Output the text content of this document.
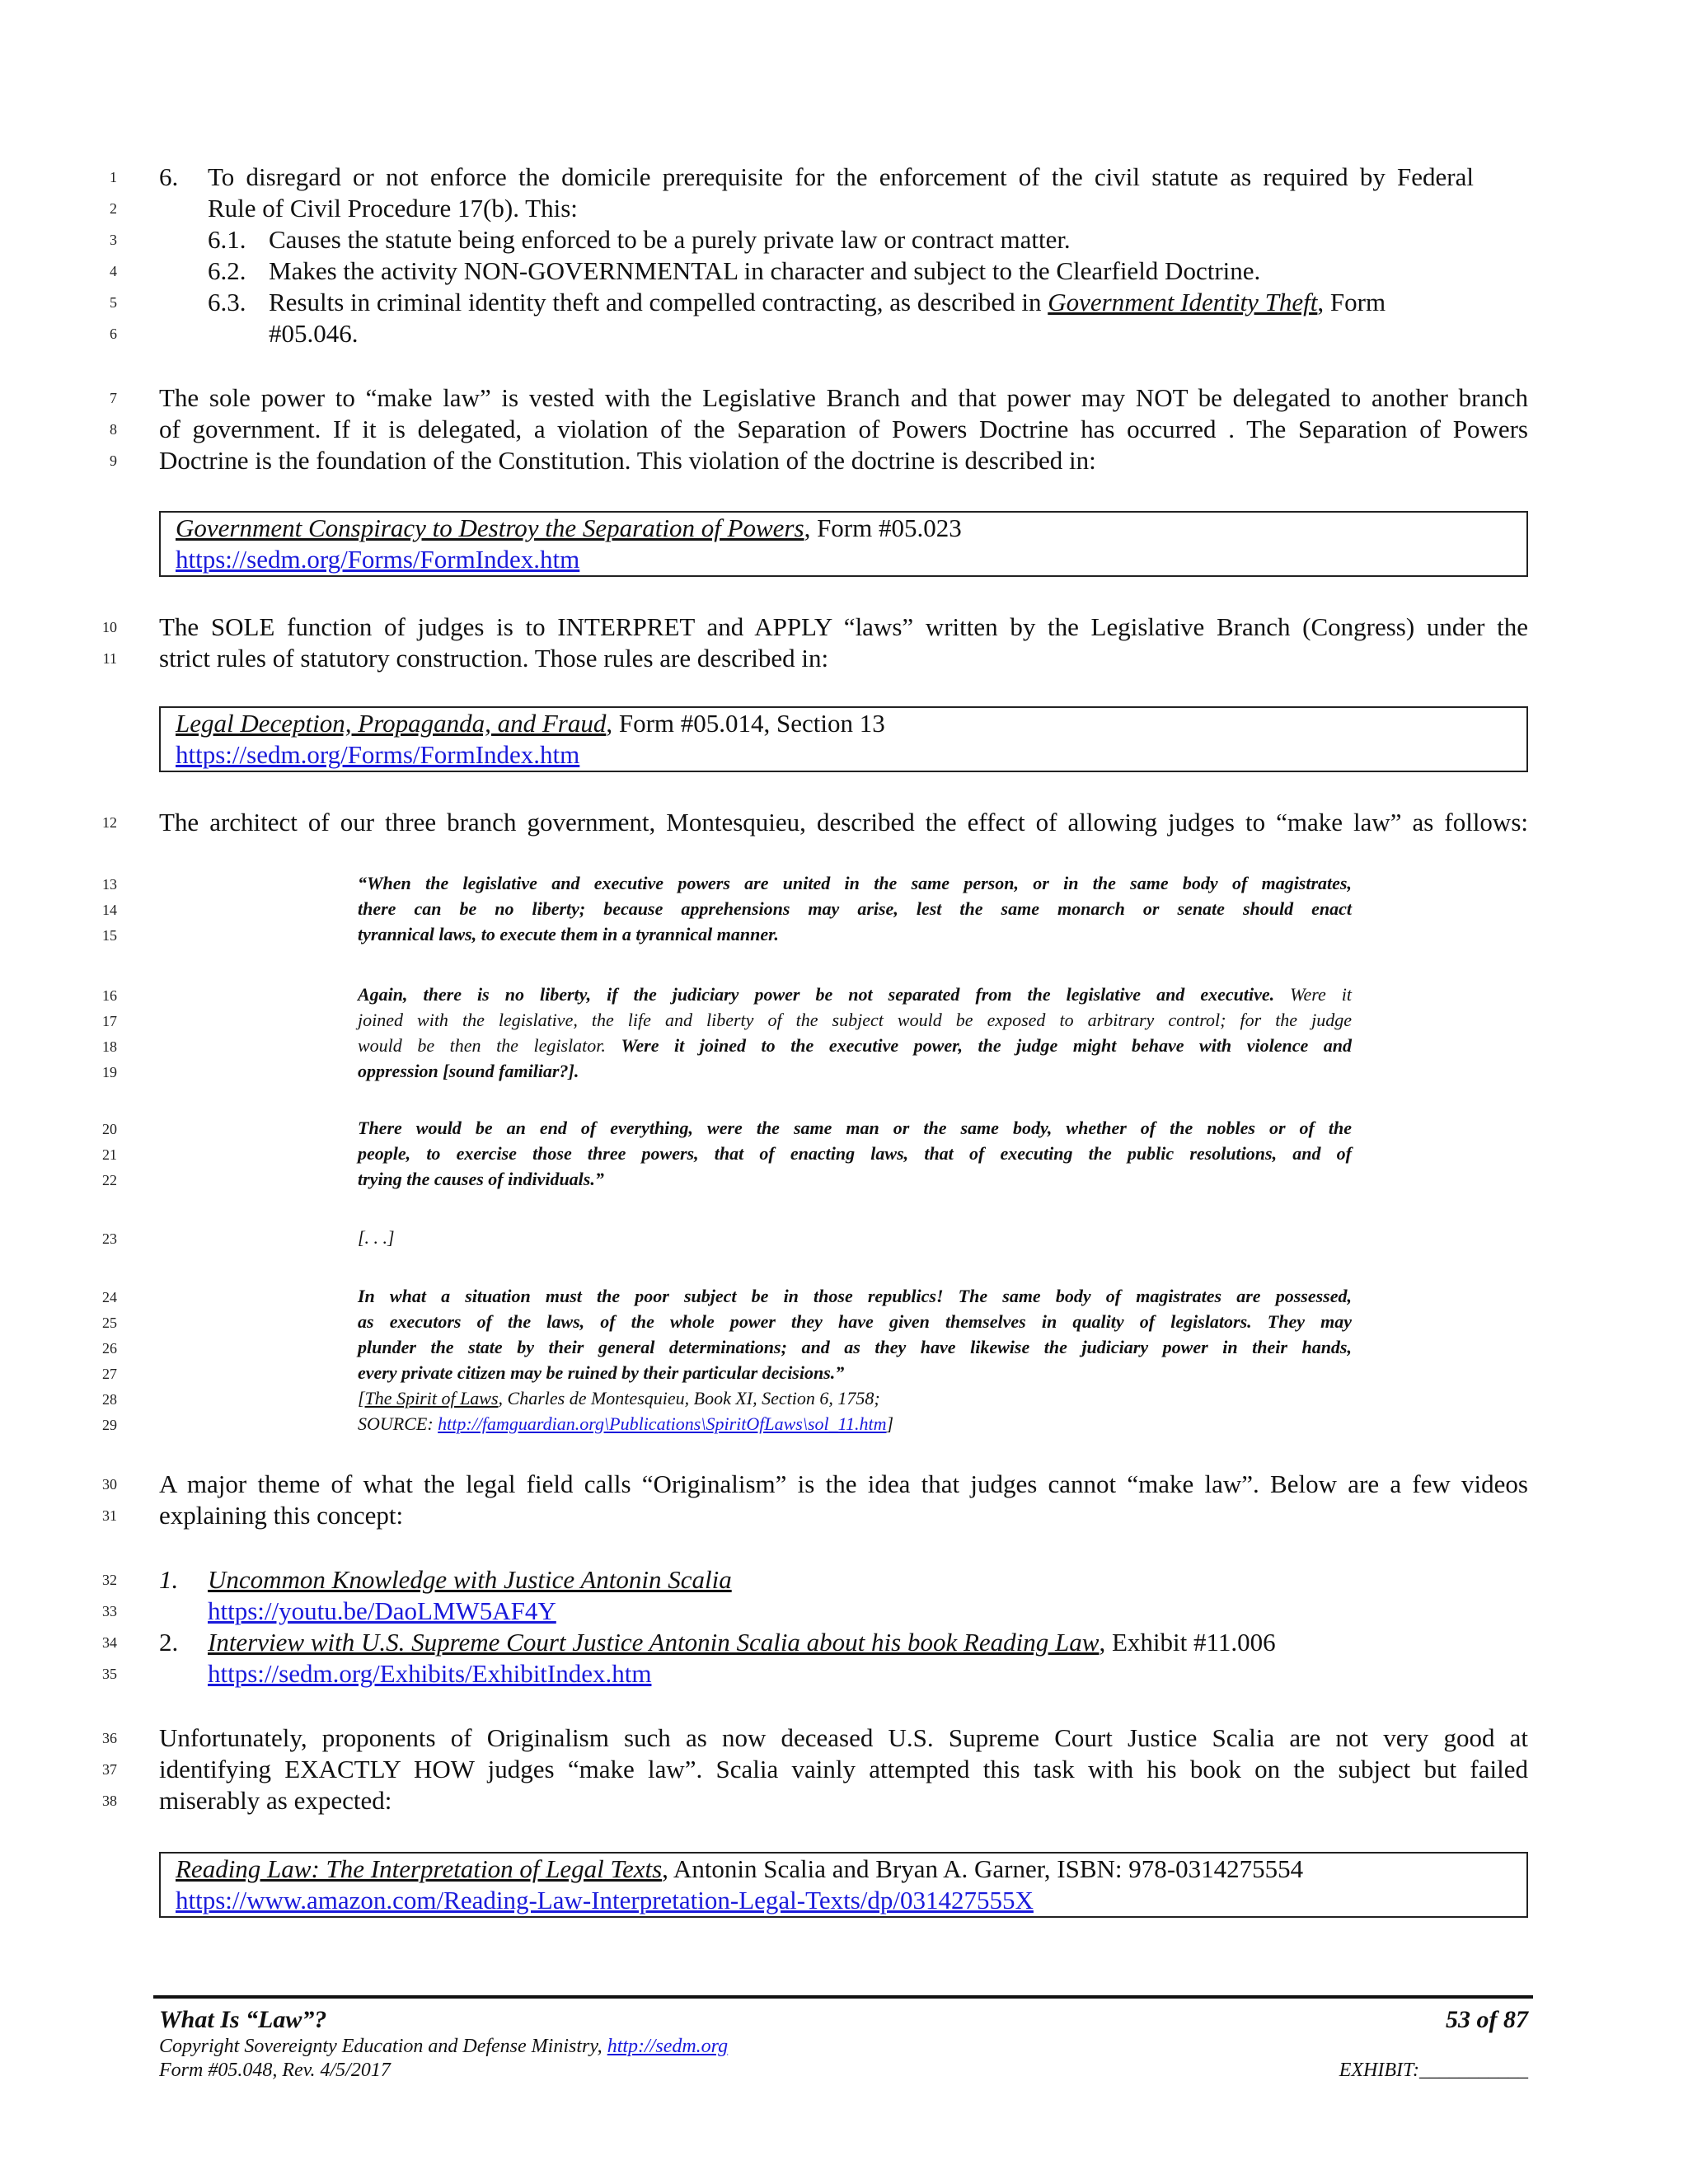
1
2
3
4
5
6
7
8
9
10
11
12
13
14
15
16
17
18
19
20
21
22
23
24
25
26
27
28
29
30
31
32
33
34
35
36
37
38
6. To disregard or not enforce the domicile prerequisite for the enforcement of the civil statute as required by Federal
Rule of Civil Procedure 17(b). This:
6.1. Causes the statute being enforced to be a purely private law or contract matter.
6.2. Makes the activity NON-GOVERNMENTAL in character and subject to the Clearfield Doctrine.
6.3. Results in criminal identity theft and compelled contracting, as described in Government Identity Theft, Form
#05.046.
The sole power to “make law” is vested with the Legislative Branch and that power may NOT be delegated to another branch
of government. If it is delegated, a violation of the Separation of Powers Doctrine has occurred . The Separation of Powers
Doctrine is the foundation of the Constitution. This violation of the doctrine is described in:
Government Conspiracy to Destroy the Separation of Powers, Form #05.023
https://sedm.org/Forms/FormIndex.htm
The SOLE function of judges is to INTERPRET and APPLY “laws” written by the Legislative Branch (Congress) under the
strict rules of statutory construction. Those rules are described in:
Legal Deception, Propaganda, and Fraud, Form #05.014, Section 13
https://sedm.org/Forms/FormIndex.htm
The architect of our three branch government, Montesquieu, described the effect of allowing judges to “make law” as follows:
“When the legislative and executive powers are united in the same person, or in the same body of magistrates,
there can be no liberty; because apprehensions may arise, lest the same monarch or senate should enact
tyrannical laws, to execute them in a tyrannical manner.
Again, there is no liberty, if the judiciary power be not separated from the legislative and executive. Were it
joined with the legislative, the life and liberty of the subject would be exposed to arbitrary control; for the judge
would be then the legislator. Were it joined to the executive power, the judge might behave with violence and
oppression [sound familiar?].
There would be an end of everything, were the same man or the same body, whether of the nobles or of the
people, to exercise those three powers, that of enacting laws, that of executing the public resolutions, and of
trying the causes of individuals.”
[. . .]
In what a situation must the poor subject be in those republics! The same body of magistrates are possessed,
as executors of the laws, of the whole power they have given themselves in quality of legislators. They may
plunder the state by their general determinations; and as they have likewise the judiciary power in their hands,
every private citizen may be ruined by their particular decisions.”
[The Spirit of Laws, Charles de Montesquieu, Book XI, Section 6, 1758;
SOURCE: http://famguardian.org\Publications\SpiritOfLaws\sol_11.htm]
A major theme of what the legal field calls “Originalism” is the idea that judges cannot “make law”. Below are a few videos
explaining this concept:
1. Uncommon Knowledge with Justice Antonin Scalia
https://youtu.be/DaoLMW5AF4Y
2. Interview with U.S. Supreme Court Justice Antonin Scalia about his book Reading Law, Exhibit #11.006
https://sedm.org/Exhibits/ExhibitIndex.htm
Unfortunately, proponents of Originalism such as now deceased U.S. Supreme Court Justice Scalia are not very good at
identifying EXACTLY HOW judges “make law”. Scalia vainly attempted this task with his book on the subject but failed
miserably as expected:
Reading Law: The Interpretation of Legal Texts, Antonin Scalia and Bryan A. Garner, ISBN: 978-0314275554
https://www.amazon.com/Reading-Law-Interpretation-Legal-Texts/dp/031427555X
What Is “Law”?	53 of 87
Copyright Sovereignty Education and Defense Ministry, http://sedm.org
Form #05.048, Rev. 4/5/2017	EXHIBIT:___________
